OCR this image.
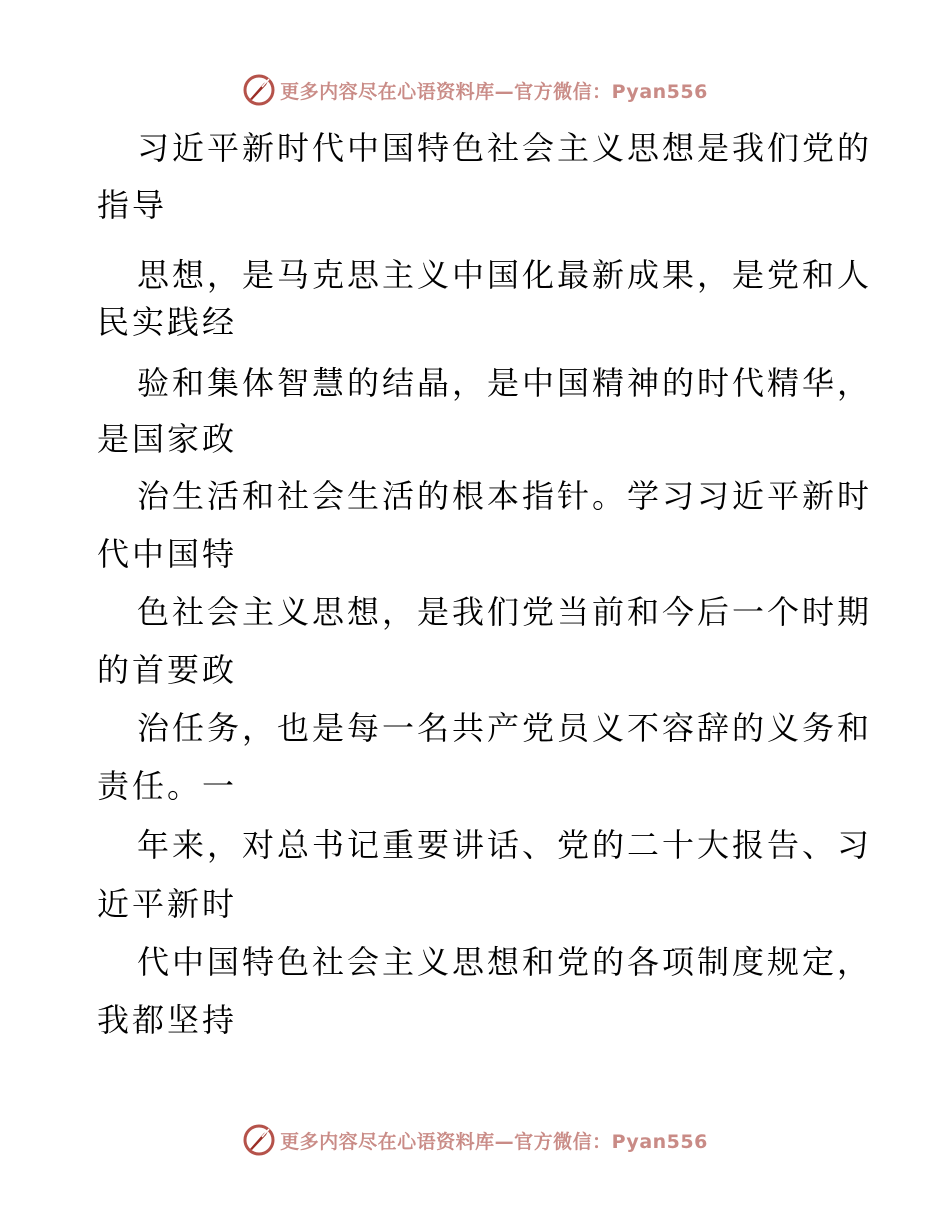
更多内容尽在心语资料库—官方微信：Pyan556
习近平新时代中国特色社会主义思想是我们党的
指导
思想，是马克思主义中国化最新成果，是党和人
民实践经
验和集体智慧的结晶，是中国精神的时代精华，
是国家政
治生活和社会生活的根本指针。学习习近平新时
代中国特
色社会主义思想，是我们党当前和今后一个时期
的首要政
治任务，也是每一名共产党员义不容辞的义务和
责任。一
年来，对总书记重要讲话、党的二十大报告、习
近平新时
代中国特色社会主义思想和党的各项制度规定，
我都坚持
更多内容尽在心语资料库—官方微信：Pyan556
